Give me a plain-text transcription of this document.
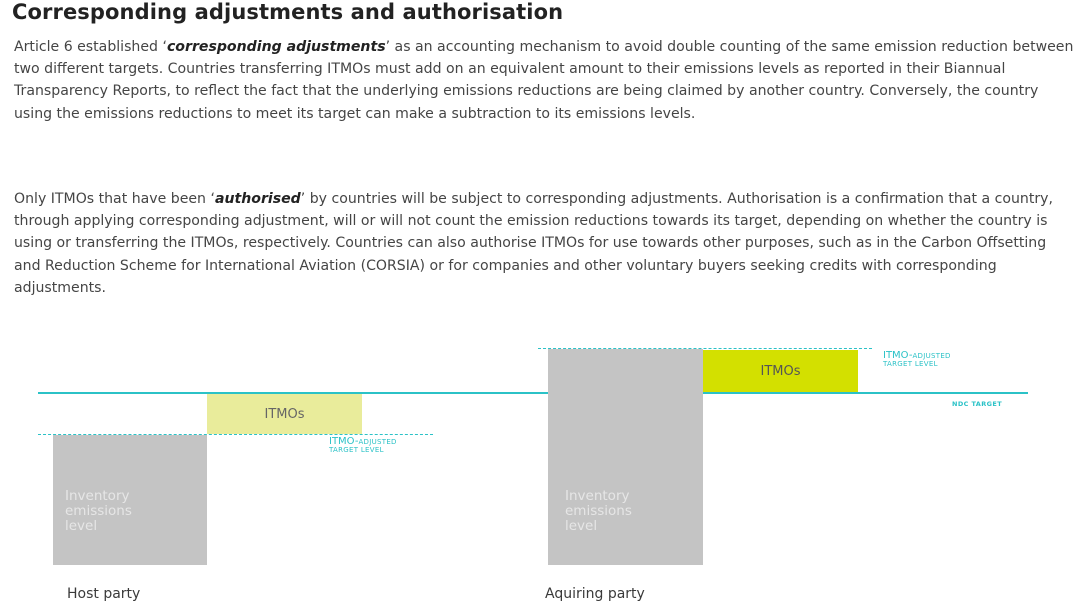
Corresponding adjustments and authorisation

Article 6 established ‘corresponding adjustments’ as an accounting mechanism to avoid double counting of the same emission reduction between two different targets. Countries transferring ITMOs must add on an equivalent amount to their emissions levels as reported in their Biannual Transparency Reports, to reflect the fact that the underlying emissions reductions are being claimed by another country. Conversely, the country using the emissions reductions to meet its target can make a subtraction to its emissions levels.

Only ITMOs that have been ‘authorised’ by countries will be subject to corresponding adjustments. Authorisation is a confirmation that a country, through applying corresponding adjustment, will or will not count the emission reductions towards its target, depending on whether the country is using or transferring the ITMOs, respectively. Countries can also authorise ITMOs for use towards other purposes, such as in the Carbon Offsetting and Reduction Scheme for International Aviation (CORSIA) or for companies and other voluntary buyers seeking credits with corresponding adjustments.

NDC TARGET
Inventory
emissions
level
ITMOs
ITMO-ADJUSTED
TARGET LEVEL
Host party
Inventory
emissions
level
ITMOs
ITMO-ADJUSTED
TARGET LEVEL
Aquiring party
